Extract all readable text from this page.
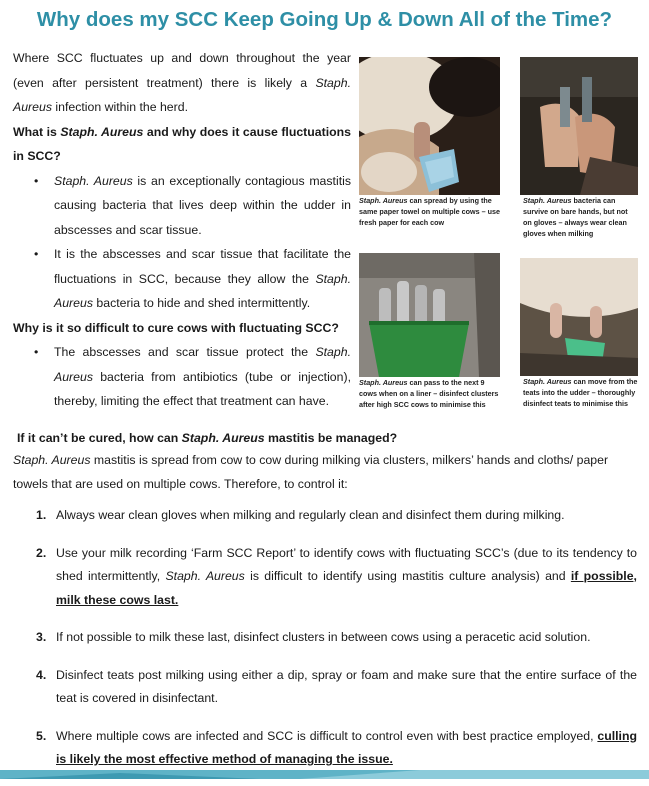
Why does my SCC Keep Going Up & Down All of the Time?

Where SCC fluctuates up and down throughout the year (even after persistent treatment) there is likely a Staph. Aureus infection within the herd.

What is Staph. Aureus and why does it cause fluctuations in SCC?

• Staph. Aureus is an exceptionally contagious mastitis causing bacteria that lives deep within the udder in abscesses and scar tissue.
• It is the abscesses and scar tissue that facilitate the fluctuations in SCC, because they allow the Staph. Aureus bacteria to hide and shed intermittently.

Why is it so difficult to cure cows with fluctuating SCC?

• The abscesses and scar tissue protect the Staph. Aureus bacteria from antibiotics (tube or injection), thereby, limiting the effect that treatment can have.
Staph. Aureus can spread by using the same paper towel on multiple cows – use fresh paper for each cow
Staph. Aureus bacteria can survive on bare hands, but not on gloves – always wear clean gloves when milking
Staph. Aureus can pass to the next 9 cows when on a liner – disinfect clusters after high SCC cows to minimise this
Staph. Aureus can move from the teats into the udder – thoroughly disinfect teats to minimise this
If it can’t be cured, how can Staph. Aureus mastitis be managed?
Staph. Aureus mastitis is spread from cow to cow during milking via clusters, milkers’ hands and cloths/ paper towels that are used on multiple cows. Therefore, to control it:
1. Always wear clean gloves when milking and regularly clean and disinfect them during milking.
2. Use your milk recording ‘Farm SCC Report’ to identify cows with fluctuating SCC’s (due to its tendency to shed intermittently, Staph. Aureus is difficult to identify using mastitis culture analysis) and if possible, milk these cows last.
3. If not possible to milk these last, disinfect clusters in between cows using a peracetic acid solution.
4. Disinfect teats post milking using either a dip, spray or foam and make sure that the entire surface of the teat is covered in disinfectant.
5. Where multiple cows are infected and SCC is difficult to control even with best practice employed, culling is likely the most effective method of managing the issue.
